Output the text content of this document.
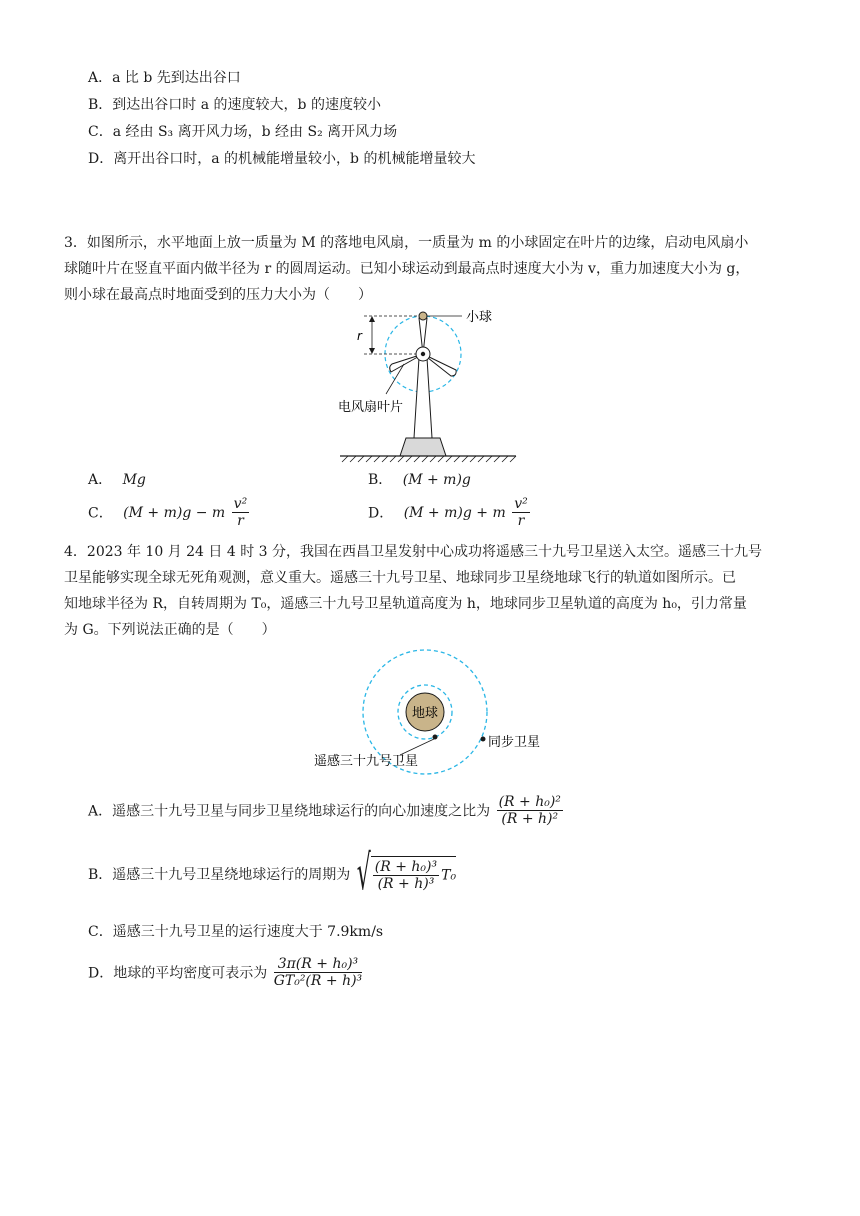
A．a 比 b 先到达出谷口
B．到达出谷口时 a 的速度较大，b 的速度较小
C．a 经由 S₃ 离开风力场，b 经由 S₂ 离开风力场
D．离开出谷口时，a 的机械能增量较小，b 的机械能增量较大
3．如图所示，水平地面上放一质量为 M 的落地电风扇，一质量为 m 的小球固定在叶片的边缘，启动电风扇小
球随叶片在竖直平面内做半径为 r 的圆周运动。已知小球运动到最高点时速度大小为 v，重力加速度大小为 g，
则小球在最高点时地面受到的压力大小为（　　）
r
小球
电风扇叶片
A． Mg	B． (M + m)g
C． (M + m)g − m $\frac{\text{v²}}{r}$	D． (M + m)g + m $\frac{\text{v²}}{r}$
4．2023 年 10 月 24 日 4 时 3 分，我国在西昌卫星发射中心成功将遥感三十九号卫星送入太空。遥感三十九号
卫星能够实现全球无死角观测，意义重大。遥感三十九号卫星、地球同步卫星绕地球飞行的轨道如图所示。已
知地球半径为 R，自转周期为 T₀，遥感三十九号卫星轨道高度为 h，地球同步卫星轨道的高度为 h₀，引力常量
为 G。下列说法正确的是（　　）
地球
遥感三十九号卫星
同步卫星
A．遥感三十九号卫星与同步卫星绕地球运行的向心加速度之比为 $\frac{\text{(R + h₀)²}}{\text{(R + h)²}}$
B．遥感三十九号卫星绕地球运行的周期为 √ $\frac{\text{(R + h₀)³}}{\text{(R + h)³}} T_0$
C．遥感三十九号卫星的运行速度大于 7.9km/s
D．地球的平均密度可表示为 $\frac{\text{3π(R + h₀)³}}{\text{GT₀²(R + h)³}}$
